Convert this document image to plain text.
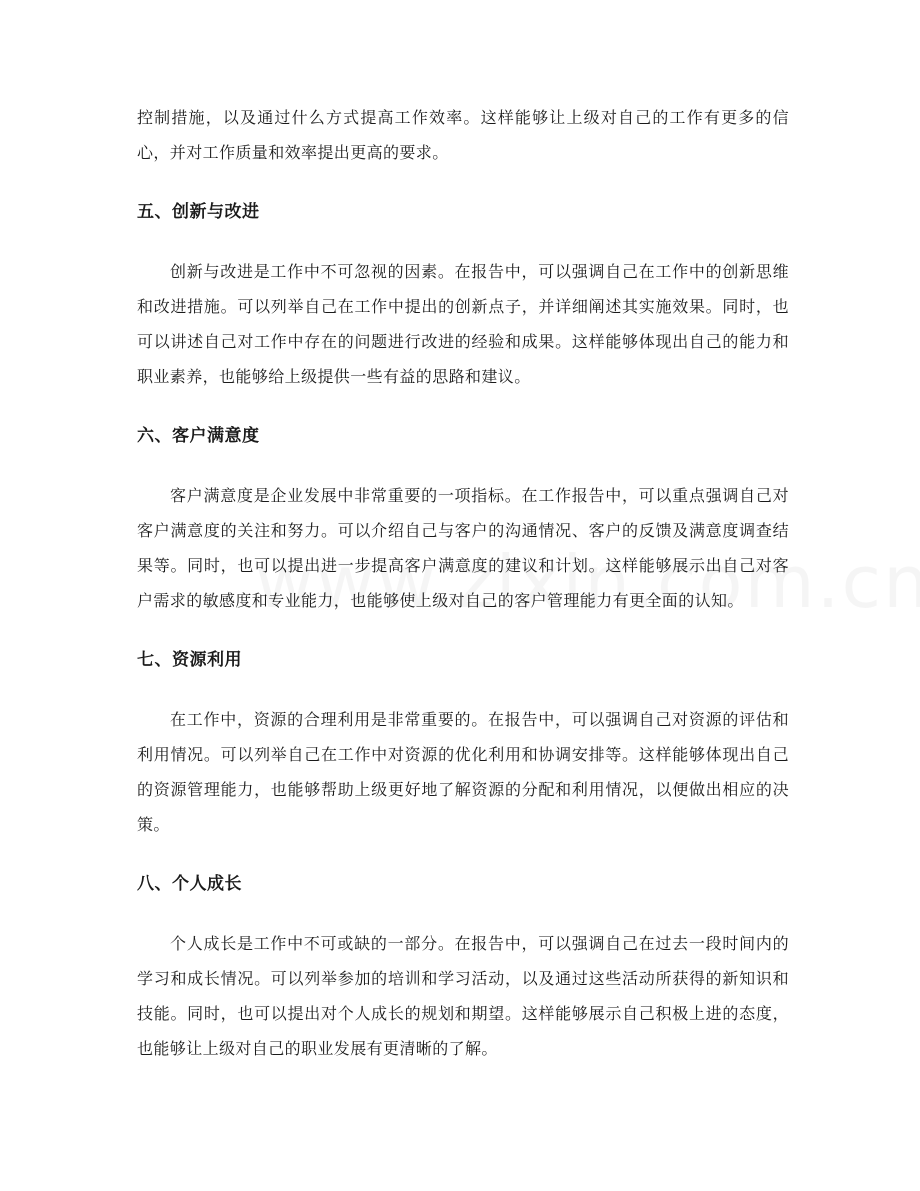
控制措施，以及通过什么方式提高工作效率。这样能够让上级对自己的工作有更多的信心，并对工作质量和效率提出更高的要求。

五、创新与改进

创新与改进是工作中不可忽视的因素。在报告中，可以强调自己在工作中的创新思维和改进措施。可以列举自己在工作中提出的创新点子，并详细阐述其实施效果。同时，也可以讲述自己对工作中存在的问题进行改进的经验和成果。这样能够体现出自己的能力和职业素养，也能够给上级提供一些有益的思路和建议。

六、客户满意度

客户满意度是企业发展中非常重要的一项指标。在工作报告中，可以重点强调自己对客户满意度的关注和努力。可以介绍自己与客户的沟通情况、客户的反馈及满意度调查结果等。同时，也可以提出进一步提高客户满意度的建议和计划。这样能够展示出自己对客户需求的敏感度和专业能力，也能够使上级对自己的客户管理能力有更全面的认知。

七、资源利用

在工作中，资源的合理利用是非常重要的。在报告中，可以强调自己对资源的评估和利用情况。可以列举自己在工作中对资源的优化利用和协调安排等。这样能够体现出自己的资源管理能力，也能够帮助上级更好地了解资源的分配和利用情况，以便做出相应的决策。

八、个人成长

个人成长是工作中不可或缺的一部分。在报告中，可以强调自己在过去一段时间内的学习和成长情况。可以列举参加的培训和学习活动，以及通过这些活动所获得的新知识和技能。同时，也可以提出对个人成长的规划和期望。这样能够展示自己积极上进的态度，也能够让上级对自己的职业发展有更清晰的了解。
